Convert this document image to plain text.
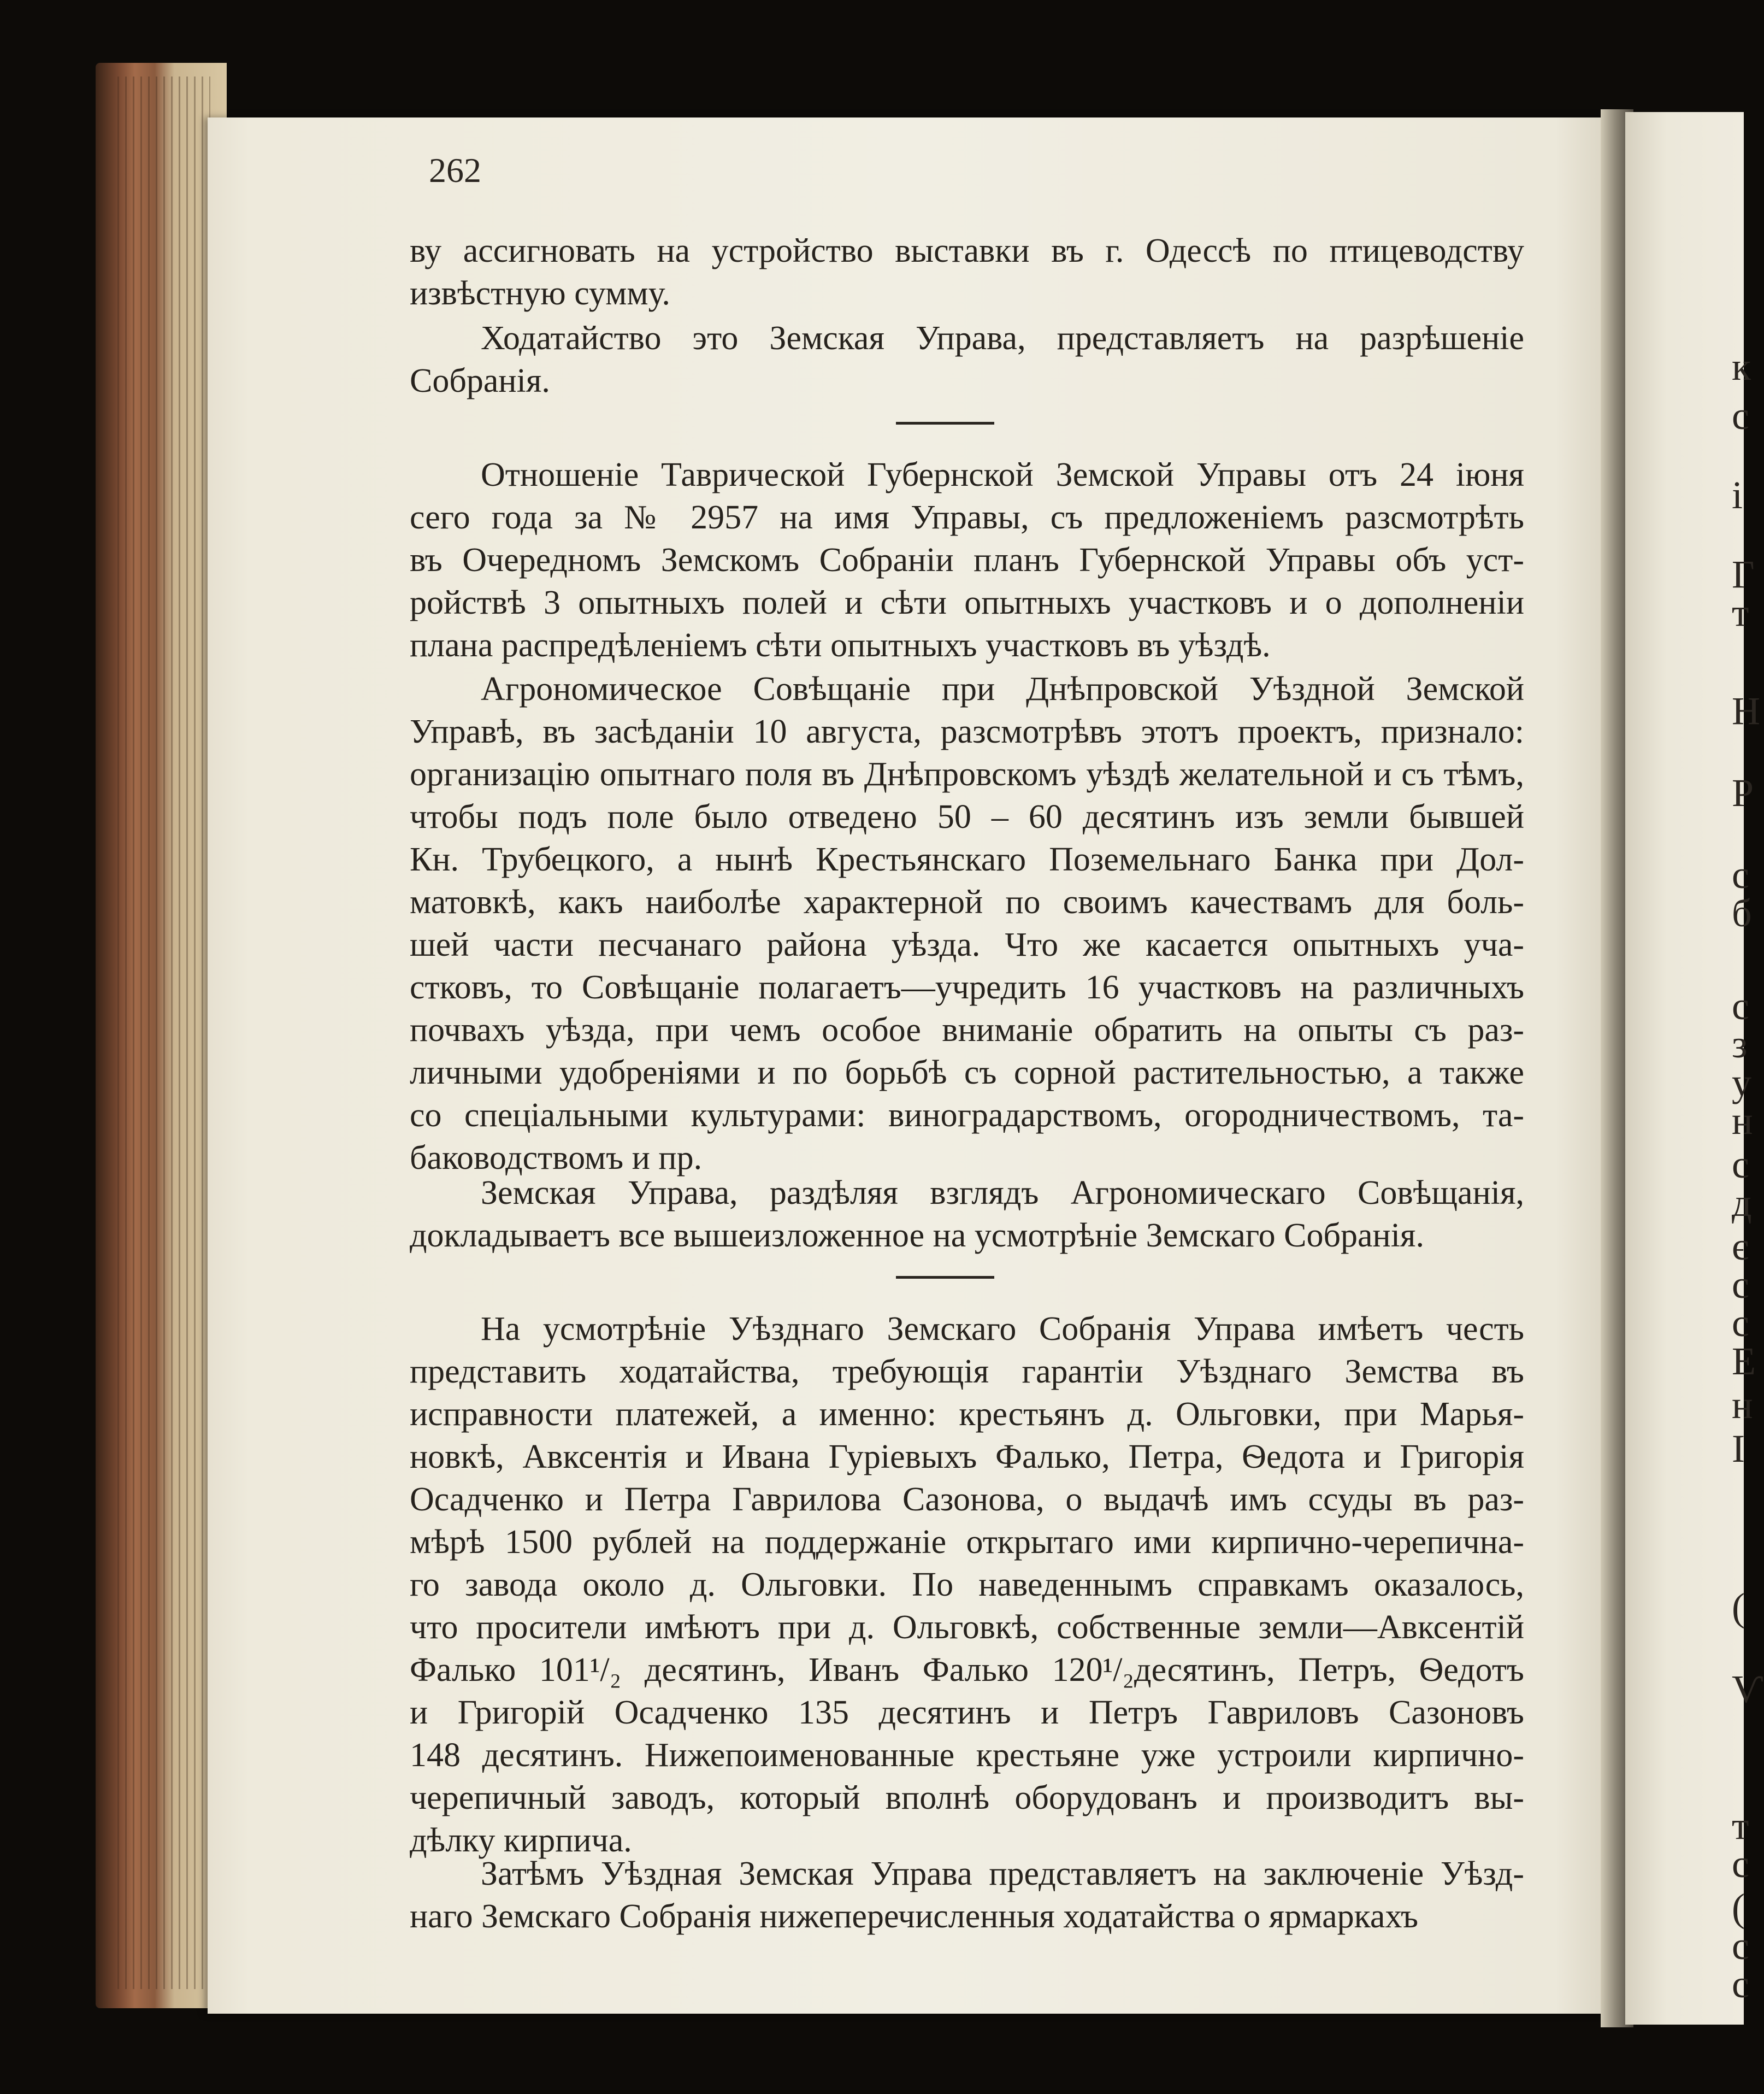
к
с
і
Г
т
Н
Р
с
б
с
з
у
н
с
д
є
с
с
Е
н
І
(
Ѵ
т
с
(
с
с
262
ву ассигновать на устройство выставки въ г. Одессѣ по птицеводству
извѣстную сумму.
Ходатайство это Земская Управа, представляетъ на разрѣшеніе
Собранія.
Отношеніе Таврической Губернской Земской Управы отъ 24 іюня
сего года за № 2957 на имя Управы, съ предложеніемъ разсмотрѣть
въ Очередномъ Земскомъ Собраніи планъ Губернской Управы объ уст-
ройствѣ 3 опытныхъ полей и сѣти опытныхъ участковъ и о дополненіи
плана распредѣленіемъ сѣти опытныхъ участковъ въ уѣздѣ.
Агрономическое Совѣщаніе при Днѣпровской Уѣздной Земской
Управѣ, въ засѣданіи 10 августа, разсмотрѣвъ этотъ проектъ, признало:
организацію опытнаго поля въ Днѣпровскомъ уѣздѣ желательной и съ тѣмъ,
чтобы подъ поле было отведено 50 – 60 десятинъ изъ земли бывшей
Кн. Трубецкого, а нынѣ Крестьянскаго Поземельнаго Банка при Дол-
матовкѣ, какъ наиболѣе характерной по своимъ качествамъ для боль-
шей части песчанаго района уѣзда. Что же касается опытныхъ уча-
стковъ, то Совѣщаніе полагаетъ—учредить 16 участковъ на различныхъ
почвахъ уѣзда, при чемъ особое вниманіе обратить на опыты съ раз-
личными удобреніями и по борьбѣ съ сорной растительностью, а также
со спеціальными культурами: виноградарствомъ, огородничествомъ, та-
баководствомъ и пр.
Земская Управа, раздѣляя взглядъ Агрономическаго Совѣщанія,
докладываетъ все вышеизложенное на усмотрѣніе Земскаго Собранія.
На усмотрѣніе Уѣзднаго Земскаго Собранія Управа имѣетъ честь
представить ходатайства, требующія гарантіи Уѣзднаго Земства въ
исправности платежей, а именно: крестьянъ д. Ольговки, при Марья-
новкѣ, Авксентія и Ивана Гуріевыхъ Фалько, Петра, Ѳедота и Григорія
Осадченко и Петра Гаврилова Сазонова, о выдачѣ имъ ссуды въ раз-
мѣрѣ 1500 рублей на поддержаніе открытаго ими кирпично-черепична-
го завода около д. Ольговки. По наведеннымъ справкамъ оказалось,
что просители имѣютъ при д. Ольговкѣ, собственные земли—Авксентій
Фалько 101¹/₂ десятинъ, Иванъ Фалько 120¹/₂десятинъ, Петръ, Ѳедотъ
и Григорій Осадченко 135 десятинъ и Петръ Гавриловъ Сазоновъ
148 десятинъ. Нижепоименованные крестьяне уже устроили кирпично-
черепичный заводъ, который вполнѣ оборудованъ и производитъ вы-
дѣлку кирпича.
Затѣмъ Уѣздная Земская Управа представляетъ на заключеніе Уѣзд-
наго Земскаго Собранія нижеперечисленныя ходатайства о ярмаркахъ
